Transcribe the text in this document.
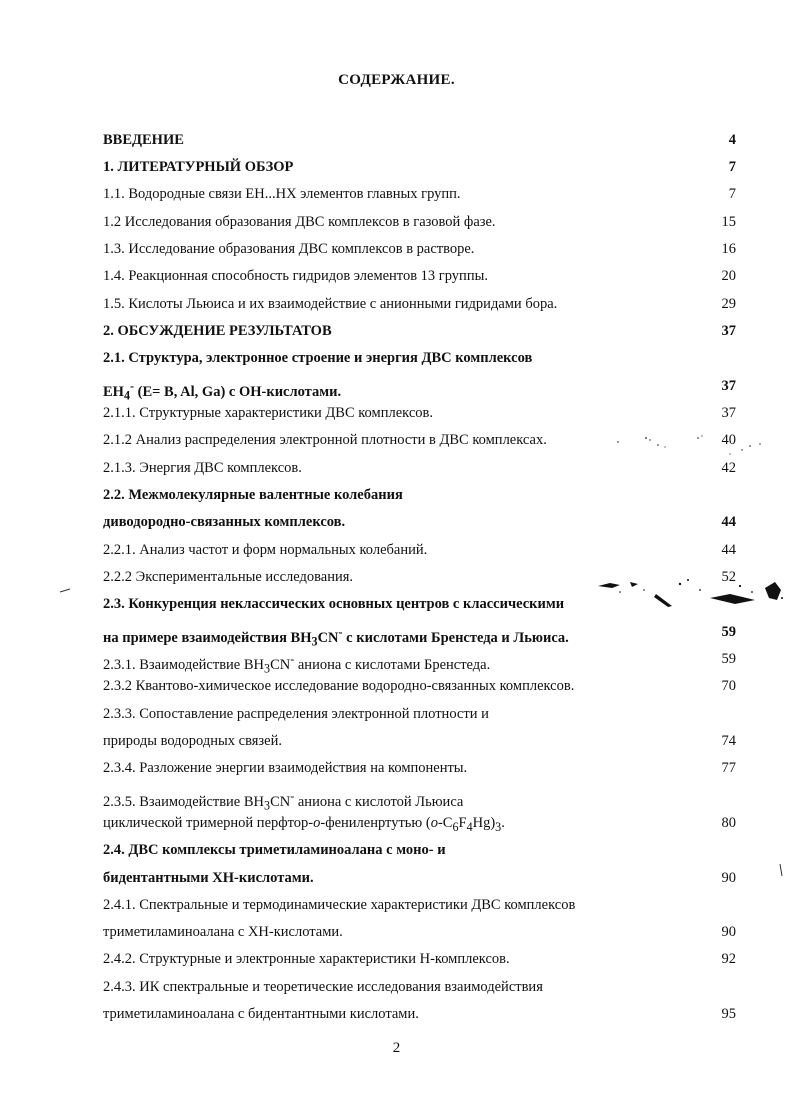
СОДЕРЖАНИЕ.
ВВЕДЕНИЕ	4
1. ЛИТЕРАТУРНЫЙ ОБЗОР	7
1.1. Водородные связи ЕН...НХ элементов главных групп.	7
1.2 Исследования образования ДВС комплексов в газовой фазе.	15
1.3. Исследование образования ДВС комплексов в растворе.	16
1.4. Реакционная способность гидридов элементов 13 группы.	20
1.5. Кислоты Льюиса и их взаимодействие с анионными гидридами бора.	29
2. ОБСУЖДЕНИЕ РЕЗУЛЬТАТОВ	37
2.1. Структура, электронное строение и энергия ДВС комплексов
$ЕН_4^-$ (E= B, Al, Ga) с ОН-кислотами.	37
2.1.1. Структурные характеристики ДВС комплексов.	37
2.1.2 Анализ распределения электронной плотности в ДВС комплексах.	40
2.1.3. Энергия ДВС комплексов.	42
2.2. Межмолекулярные валентные колебания
диводородно-связанных комплексов.	44
2.2.1. Анализ частот и форм нормальных колебаний.	44
2.2.2 Экспериментальные исследования.	52
2.3. Конкуренция неклассических основных центров с классическими
на примере взаимодействия $BH_3CN^-$ с кислотами Бренстеда и Льюиса.	59
2.3.1. Взаимодействие $BH_3CN^-$ аниона с кислотами Бренстеда.	59
2.3.2 Квантово-химическое исследование водородно-связанных комплексов.	70
2.3.3. Сопоставление распределения электронной плотности и
природы водородных связей.	74
2.3.4. Разложение энергии взаимодействия на компоненты.	77
2.3.5. Взаимодействие $BH_3CN^-$ аниона с кислотой Льюиса
циклической тримерной перфтор-o-фениленртутью $(o-C_6F_4Hg)_3$.	80
2.4. ДВС комплексы триметиламиноалана с моно- и
бидентантными ХН-кислотами.	90
2.4.1. Спектральные и термодинамические характеристики ДВС комплексов
триметиламиноалана с ХН-кислотами.	90
2.4.2. Структурные и электронные характеристики Н-комплексов.	92
2.4.3. ИК спектральные и теоретические исследования взаимодействия
триметиламиноалана с бидентантными кислотами.	95
2
